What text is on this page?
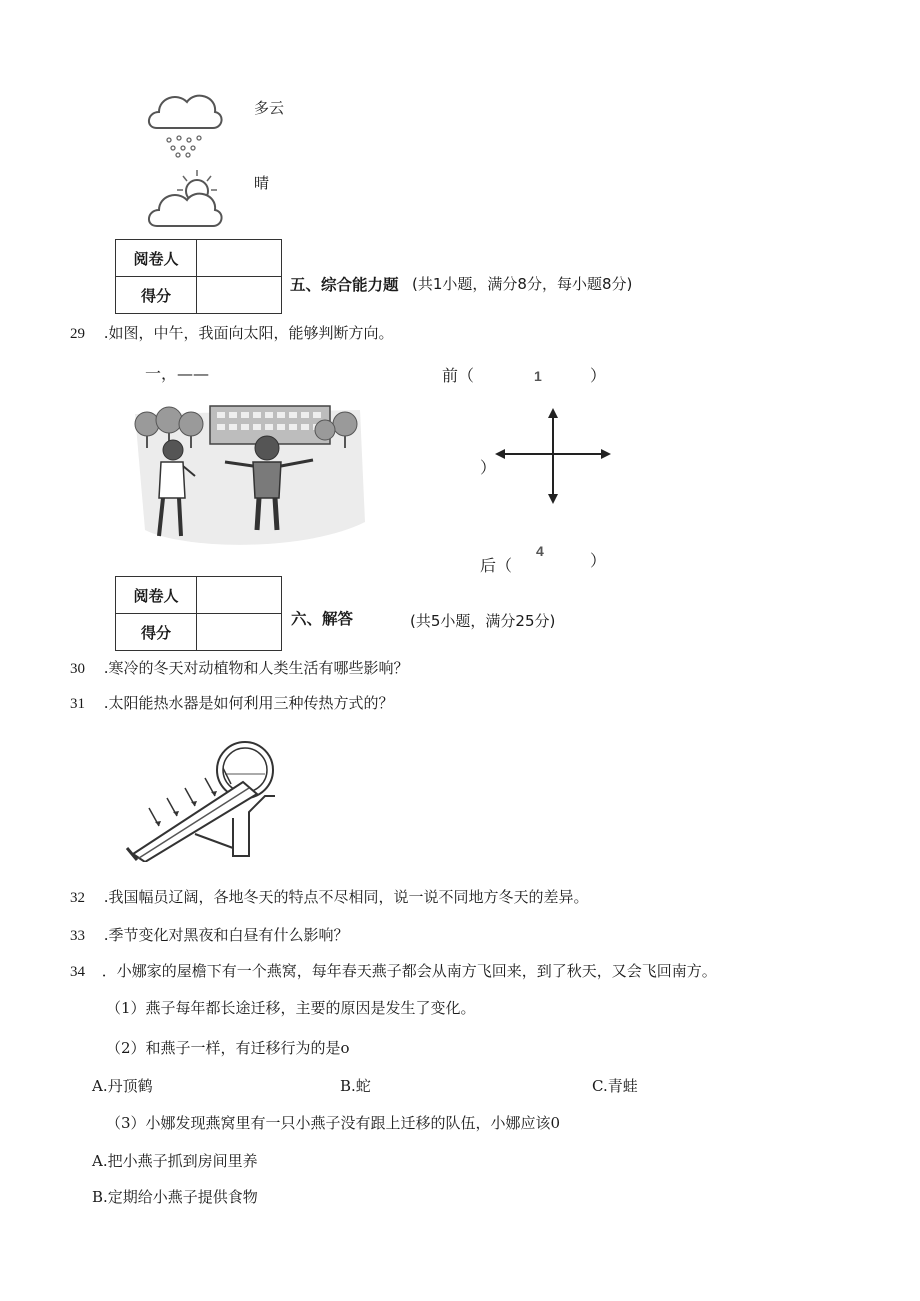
多云
晴
阅卷人	
得分	
五、综合能力题 (共1小题，满分8分，每小题8分)
29 .如图，中午，我面向太阳，能够判断方向。
一，——	前（	1	）
）
后（
4
）
阅卷人	
得分	
六、解答	(共5小题，满分25分)
30 .寒冷的冬天对动植物和人类生活有哪些影响？
31 .太阳能热水器是如何利用三种传热方式的？
32 .我国幅员辽阔，各地冬天的特点不尽相同，说一说不同地方冬天的差异。
33 .季节变化对黑夜和白昼有什么影响？
34 ．小娜家的屋檐下有一个燕窝，每年春天燕子都会从南方飞回来，到了秋天，又会飞回南方。
（1）燕子每年都长途迁移，主要的原因是发生了变化。
（2）和燕子一样，有迁移行为的是o
A.丹顶鹤	B.蛇	C.青蛙
（3）小娜发现燕窝里有一只小燕子没有跟上迁移的队伍，小娜应该0
A.把小燕子抓到房间里养
B.定期给小燕子提供食物
